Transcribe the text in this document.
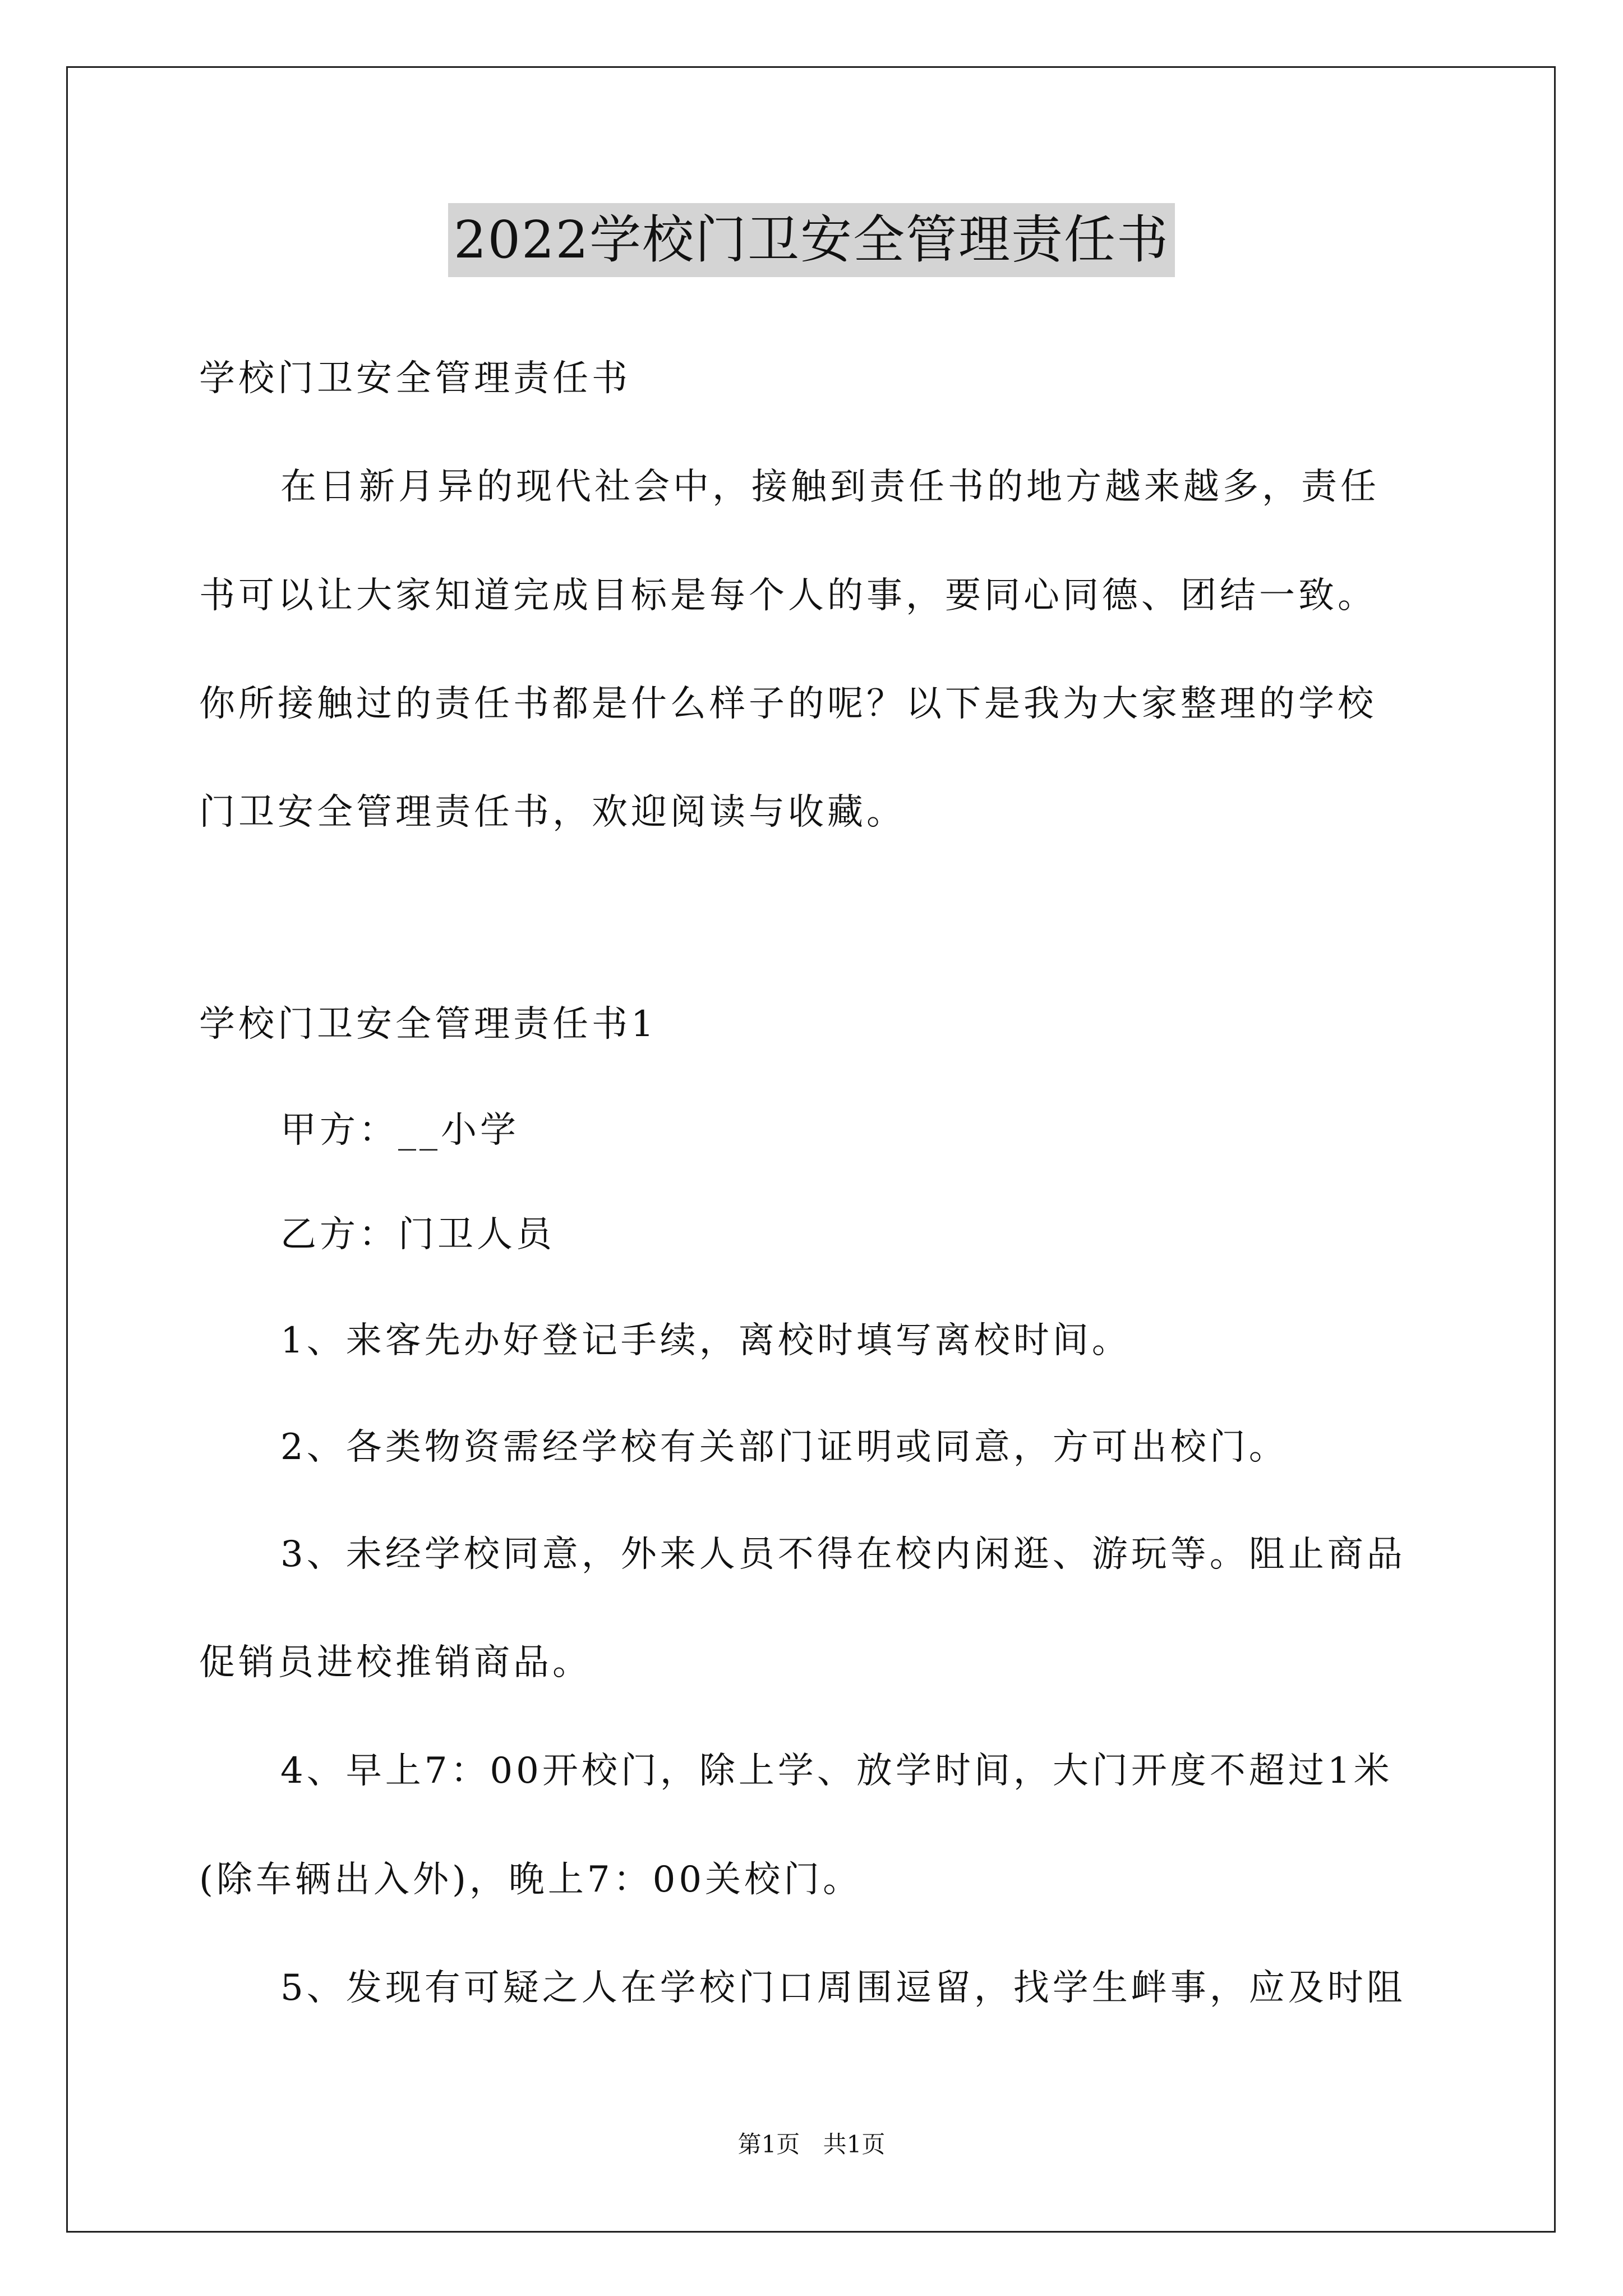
2022学校门卫安全管理责任书
学校门卫安全管理责任书
在日新月异的现代社会中，接触到责任书的地方越来越多，责任
书可以让大家知道完成目标是每个人的事，要同心同德、团结一致。
你所接触过的责任书都是什么样子的呢？以下是我为大家整理的学校
门卫安全管理责任书，欢迎阅读与收藏。
学校门卫安全管理责任书1
甲方：__小学
乙方：门卫人员
1、来客先办好登记手续，离校时填写离校时间。
2、各类物资需经学校有关部门证明或同意，方可出校门。
3、未经学校同意，外来人员不得在校内闲逛、游玩等。阻止商品
促销员进校推销商品。
4、早上7：00开校门，除上学、放学时间，大门开度不超过1米
(除车辆出入外)，晚上7：00关校门。
5、发现有可疑之人在学校门口周围逗留，找学生衅事，应及时阻
第1页 共1页
